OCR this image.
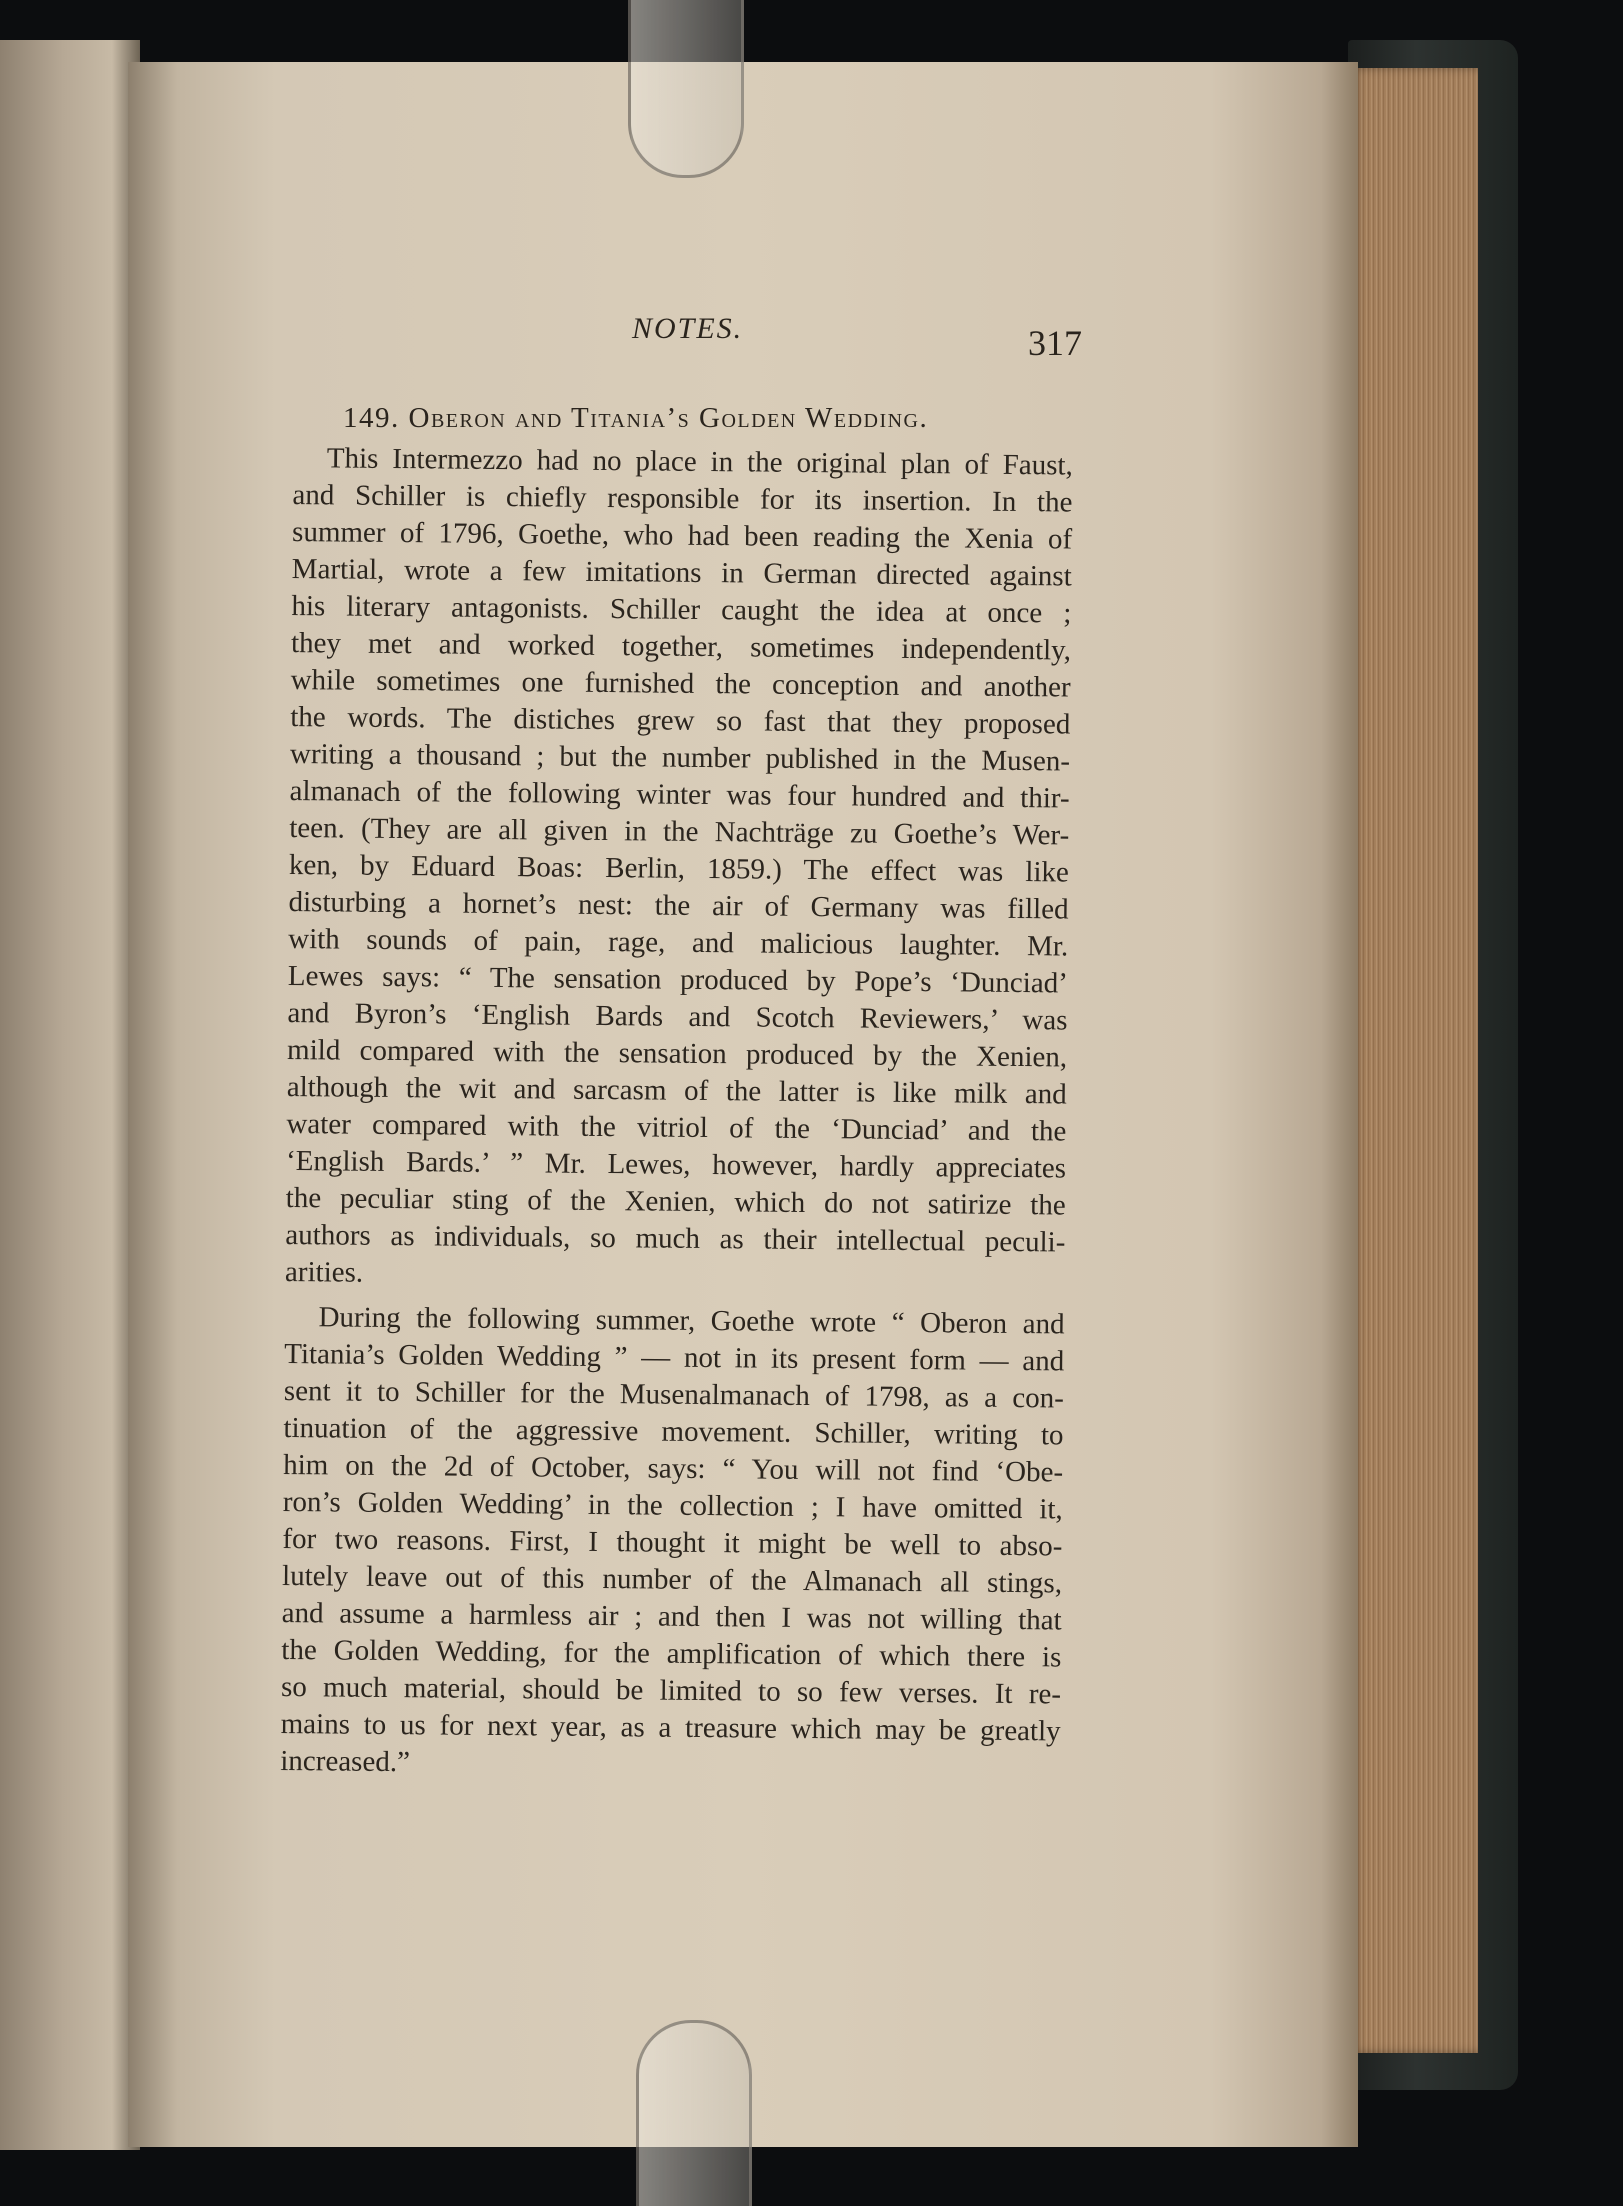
NOTES.	317
149. Oberon and Titania’s Golden Wedding.
This Intermezzo had no place in the original plan of Faust,
and Schiller is chiefly responsible for its insertion. In the
summer of 1796, Goethe, who had been reading the Xenia of
Martial, wrote a few imitations in German directed against
his literary antagonists. Schiller caught the idea at once ;
they met and worked together, sometimes independently,
while sometimes one furnished the conception and another
the words. The disticheѕ grew so fast that they proposed
writing a thousand ; but the number published in the Musen-
almanach of the following winter was four hundred and thir-
teen. (They are all given in the Nachträge zu Goethe’s Wer-
ken, by Eduard Boas: Berlin, 1859.) The effect was like
disturbing a hornet’s nest: the air of Germany was filled
with sounds of pain, rage, and malicious laughter. Mr.
Lewes says: “ The sensation produced by Pope’s ‘Dunciad’
and Byron’s ‘English Bards and Scotch Reviewers,’ was
mild compared with the sensation produced by the Xenien,
although the wit and sarcasm of the latter is like milk and
water compared with the vitriol of the ‘Dunciad’ and the
‘English Bards.’ ” Mr. Lewes, however, hardly appreciates
the peculiar sting of the Xenien, which do not satirize the
authors as individuals, so much as their intellectual peculi-
arities.
During the following summer, Goethe wrote “ Oberon and
Titania’s Golden Wedding ” — not in its present form — and
sent it to Schiller for the Musenalmanach of 1798, as a con-
tinuation of the aggressive movement. Schiller, writing to
him on the 2d of October, says: “ You will not find ‘Obe-
ron’s Golden Wedding’ in the collection ; I have omitted it,
for two reasons. First, I thought it might be well to abso-
lutely leave out of this number of the Almanach all stings,
and assume a harmless air ; and then I was not willing that
the Golden Wedding, for the amplification of which there is
so much material, should be limited to so few verses. It re-
mains to us for next year, as a treasure which may be greatly
increased.”
